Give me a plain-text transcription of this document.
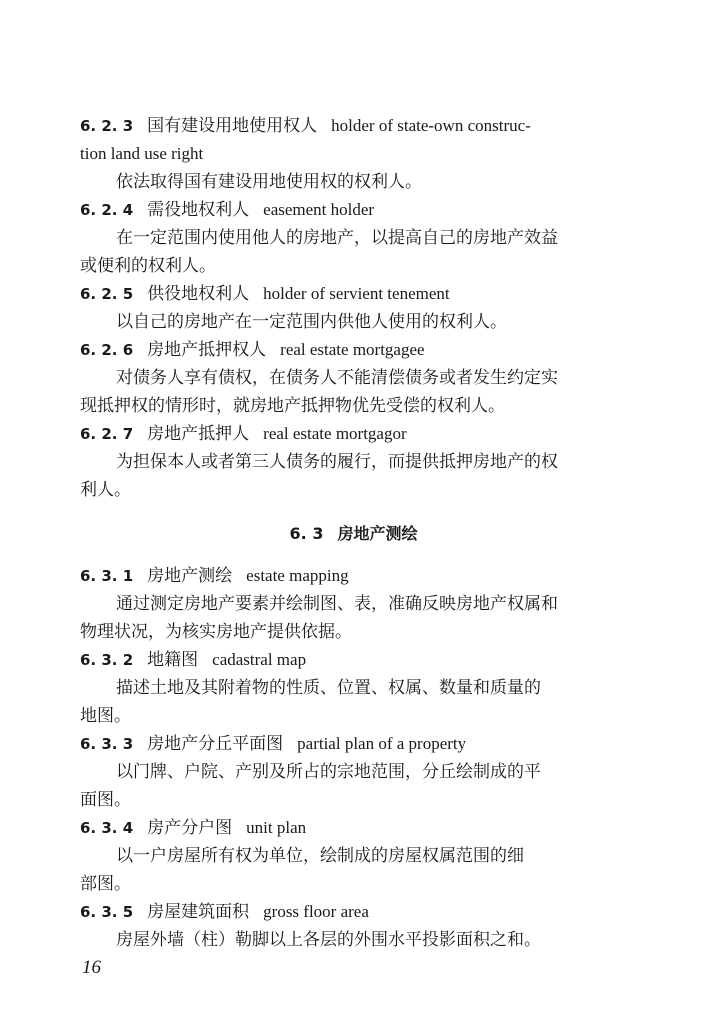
6. 2. 3 国有建设用地使用权人 holder of state-own construc-
tion land use right
依法取得国有建设用地使用权的权利人。
6. 2. 4 需役地权利人 easement holder
在一定范围内使用他人的房地产，以提高自己的房地产效益
或便利的权利人。
6. 2. 5 供役地权利人 holder of servient tenement
以自己的房地产在一定范围内供他人使用的权利人。
6. 2. 6 房地产抵押权人 real estate mortgagee
对债务人享有债权，在债务人不能清偿债务或者发生约定实
现抵押权的情形时，就房地产抵押物优先受偿的权利人。
6. 2. 7 房地产抵押人 real estate mortgagor
为担保本人或者第三人债务的履行，而提供抵押房地产的权
利人。
6. 3 房地产测绘
6. 3. 1 房地产测绘 estate mapping
通过测定房地产要素并绘制图、表，准确反映房地产权属和
物理状况，为核实房地产提供依据。
6. 3. 2 地籍图 cadastral map
描述土地及其附着物的性质、位置、权属、数量和质量的
地图。
6. 3. 3 房地产分丘平面图 partial plan of a property
以门牌、户院、产别及所占的宗地范围，分丘绘制成的平
面图。
6. 3. 4 房产分户图 unit plan
以一户房屋所有权为单位，绘制成的房屋权属范围的细
部图。
6. 3. 5 房屋建筑面积 gross floor area
房屋外墙（柱）勒脚以上各层的外围水平投影面积之和。
16
